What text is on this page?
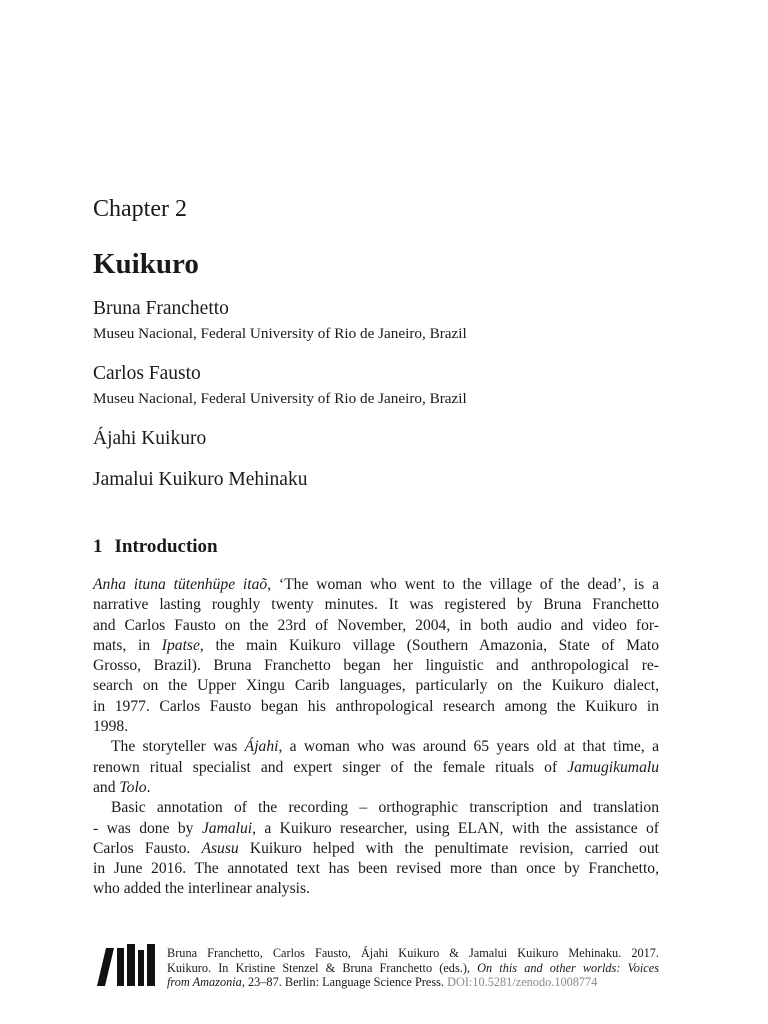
Chapter 2
Kuikuro
Bruna Franchetto
Museu Nacional, Federal University of Rio de Janeiro, Brazil
Carlos Fausto
Museu Nacional, Federal University of Rio de Janeiro, Brazil
Ájahi Kuikuro
Jamalui Kuikuro Mehinaku
1 Introduction

Anha ituna tütenhüpe itaõ, ‘The woman who went to the village of the dead’, is a
narrative lasting roughly twenty minutes. It was registered by Bruna Franchetto
and Carlos Fausto on the 23rd of November, 2004, in both audio and video for-
mats, in Ipatse, the main Kuikuro village (Southern Amazonia, State of Mato
Grosso, Brazil). Bruna Franchetto began her linguistic and anthropological re-
search on the Upper Xingu Carib languages, particularly on the Kuikuro dialect,
in 1977. Carlos Fausto began his anthropological research among the Kuikuro in
1998.

The storyteller was Ájahi, a woman who was around 65 years old at that time, a
renown ritual specialist and expert singer of the female rituals of Jamugikumalu
and Tolo.

Basic annotation of the recording – orthographic transcription and translation
- was done by Jamalui, a Kuikuro researcher, using ELAN, with the assistance of
Carlos Fausto. Asusu Kuikuro helped with the penultimate revision, carried out
in June 2016. The annotated text has been revised more than once by Franchetto,
who added the interlinear analysis.

Bruna Franchetto, Carlos Fausto, Ájahi Kuikuro & Jamalui Kuikuro Mehinaku. 2017.
Kuikuro. In Kristine Stenzel & Bruna Franchetto (eds.), On this and other worlds: Voices
from Amazonia, 23–87. Berlin: Language Science Press. DOI:10.5281/zenodo.1008774
